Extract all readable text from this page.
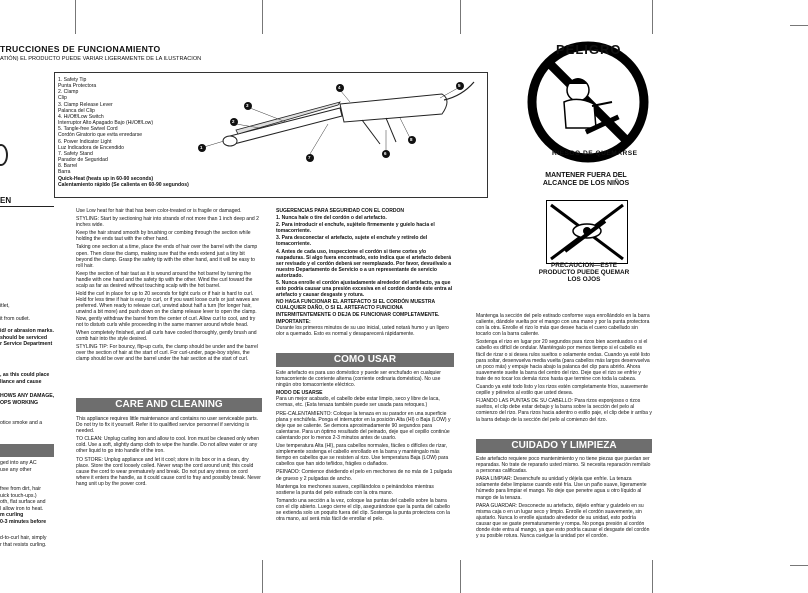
TRUCCIONES DE FUNCIONAMIENTO
ATIÓN) EL PRODUCTO PUEDE VARIAR LIGERAMENTE DE LA ILUSTRACION
EN
itlet,
it from outlet.
id/ or abrasion marks.
should be serviced
r Service Department
, as this could place
liance and cause
HOWS ANY DAMAGE,
OPS WORKING
otice smoke and a
ged into any AC
use any other
free from dirt, hair
uick touch-ups.)
oth, flat surface and
l allow iron to heat.
m curling
0-3 minutes before
d-to-curl hair, simply
r that resists curling.
1. Safety Tip
Punta Protectora
2. Clamp
Clip
3. Clamp Release Lever
Palanca del Clip
4. Hi/Off/Low Switch
Interruptor Alto Apagado Bajo (Hi/Off/Low)
5. Tangle-free Swivel Cord
Cordón Giratorio que evita enredarse
6. Power Indicator Light
Luz Indicadora de Encendido
7. Safety Stand
Parador de Seguridad
8. Barrel
Barra
Quick-Heat (heats up in 60-90 seconds)
Calentamiento rápido (Se calienta en 60-90 segundos)
1
2
3
4	5
6
7
8

Use Low heat for hair that has been color-treated or is fragile or damaged.

STYLING: Start by sectioning hair into strands of not more than 1 inch deep and 2 inches wide.

Keep the hair strand smooth by brushing or combing through the section while holding the ends taut with the other hand.

Taking one section at a time, place the ends of hair over the barrel with the clamp open. Then close the clamp, making sure that the ends extend just a tiny bit beyond the clamp. Grasp the safety tip with the other hand, and it will be easy to roll hair.

Keep the section of hair taut as it is wound around the hot barrel by turning the handle with one hand and the safety tip with the other. Wind the curl toward the scalp as far as desired without touching scalp with the hot barrel.

Hold the curl in place for up to 20 seconds for tight curls or if hair is hard to curl. Hold for less time if hair is easy to curl, or if you want loose curls or just waves are preferred. When ready to release curl, unwind about half a turn (for longer hair, unwind a bit more) and push down on the clamp release lever to open the clamp. Now, gently withdraw the barrel from the center of curl. Allow curl to cool, and try not to disturb curls while proceeding in the same manner around whole head.

When completely finished, and all curls have cooled thoroughly, gently brush and comb hair into the style desired.

STYLING TIP: For bouncy, flip-up curls, the clamp should be under and the barrel over the section of hair at the start of curl. For curl-under, page-boy styles, the clamp should be over and the barrel under the hair section at the start of curl.

CARE AND CLEANING

This appliance requires little maintenance and contains no user serviceable parts. Do not try to fix it yourself. Refer it to qualified service personnel if servicing is needed.

TO CLEAN: Unplug curling iron and allow to cool. Iron must be cleaned only when cold. Use a soft, slightly damp cloth to wipe the handle. Do not allow water or any other liquid to go into handle of the iron.

TO STORE: Unplug appliance and let it cool; store in its box or in a clean, dry place. Store the cord loosely coiled. Never wrap the cord around unit; this could cause the cord to wear prematurely and break. Do not put any stress on cord where it enters the handle, as it could cause cord to fray and possibly break. Never hang unit up by the power cord.

SUGERENCIAS PARA SEGURIDAD CON EL CORDON

1. Nunca hale o tire del cordón o del artefacto.

2. Para introducir el enchufe, sujételo firmemente y guíelo hacia el tomacorriente.

3. Para desconectar el artefacto, sujete el enchufe y retírelo del tomacorriente.

4. Antes de cada uso, inspeccione el cordón si tiene cortes y/o raspaduras. Si algo fuera encontrado, esto indica que el artefacto deberá ser revisado y el cordón deberá ser reemplazado. Por favor, devuélvalo a nuestro Departamento de Servicio o a un representante de servicio autorizado.

5. Nunca enrolle el cordón ajustadamente alrededor del artefacto, ya que esto podría causar una presión excesiva en el cordón donde éste entra al artefacto y causar desgaste y rotura.

NO HAGA FUNCIONAR EL ARTEFACTO SI EL CORDÓN MUESTRA CUALQUIER DAÑO, O SI EL ARTEFACTO FUNCIONA INTERMITENTEMENTE O DEJA DE FUNCIONAR COMPLETAMENTE.

IMPORTANTE:

Durante los primeros minutos de su uso inicial, usted notará humo y un ligero olor a quemado. Esto es normal y desaparecerá rápidamente.

COMO USAR

Este artefacto es para uso doméstico y puede ser enchufado en cualquier tomacorriente de corriente alterna (corriente ordinaria doméstica). No use ningún otro tomacorriente eléctrico.

MODO DE USARSE

Para un mejor acabado, el cabello debe estar limpio, seco y libre de laca, cremas, etc. (Esta tenaza también puede ser usada para retoques.)

PRE-CALENTAMIENTO: Coloque la tenaza en su parador en una superficie plana y enchúfela. Ponga el interruptor en la posición Alta (HI) o Baja (LOW) y deje que se caliente. Se demora aproximadamente 90 segundos para calentarse. Para un óptimo resultado del peinado, deje que el cepillo continúe calentando por lo menos 2-3 minutos antes de usarlo.

Use temperatura Alta (HI), para cabellos normales, fáciles o difíciles de rizar, simplemente sostenga el cabello enrollado en la barra y manténgalo más tiempo en cabellos que se resisten al rizo. Use temperatura Baja (LOW) para cabellos que han sido teñidos, frágiles o dañados.

PEINADO: Comience dividiendo el pelo en mechones de no más de 1 pulgada de grueso y 2 pulgadas de ancho.

Mantenga los mechones suaves, cepillándolos o peinándolos mientras sostiene la punta del pelo estirado con la otra mano.

Tomando una sección a la vez, coloque las puntas del cabello sobre la barra con el clip abierto. Luego cierre el clip, asegurándose que la punta del cabello se extienda solo un poquito fuera del clip. Sostenga la punta protectora con la otra mano, así será más fácil de enrollar el pelo.

Mantenga la sección del pelo estirado conforme vaya enrollándolo en la barra caliente, dándole vuelta por el mango con una mano y por la punta protectora con la otra. Enrolle el rizo lo más que desee hacia el cuero cabelludo sin tocarlo con la barra caliente.

Sostenga el rizo en lugar por 20 segundos para rizos bien acentuados o si el cabello es difícil de ondular. Manténgalo por menos tiempo si el cabello es fácil de rizar o si desea rulos sueltos o solamente ondas. Cuando ya esté listo para soltar, desenvuelva media vuelta (para cabellos más largos desenvuelva un poco más) y empuje hacia abajo la palanca del clip para abrirlo. Ahora suavemente suelte la barra del centro del rizo. Deje que el rizo se enfríe y trate de no tocar los demás rizos hasta que termine con toda la cabeza.

Cuando ya esté todo listo y los rizos estén completamente fríos, suavemente cepille y péinelos al estilo que usted desea.

FIJANDO LAS PUNTAS DE SU CABELLO: Para rizos esponjosos o rizos sueltos, el clip debe estar debajo y la barra sobre la sección del pelo al comienzo del rizo. Para rizos hacia adentro o estilo paje, el clip debe ir arriba y la barra debajo de la sección del pelo al comienzo del rizo.

CUIDADO Y LIMPIEZA

Este artefacto requiere poco mantenimiento y no tiene piezas que puedan ser reparadas. No trate de repararlo usted mismo. Si necesita reparación remítalo a personas calificadas.

PARA LIMPIAR: Desenchufe su unidad y déjela que enfríe. La tenaza solamente debe limpiarse cuando esté fría. Use un paño suave, ligeramente húmedo para limpiar el mango. No deje que penetre agua u otro líquido al mango de la tenaza.

PARA GUARDAR: Desconecte su artefacto, déjelo enfriar y guárdelo en su misma caja o en un lugar seco y limpio. Enrolle el cordón suavemente, sin ajustarlo. Nunca lo enrolle ajustado alrededor de su unidad, esto podría causar que se gaste prematuramente y rompa. No ponga presión al cordón donde éste entra al mango, ya que esto podría causar el desgaste del cordón y su posible rotura. Nunca cuelgue la unidad por el cordón.

PELIGRO
RIESGO DE QUEMARSE
MANTENER FUERA DEL ALCANCE DE LOS NIÑOS
PRECAUCION—ESTE PRODUCTO PUEDE QUEMAR LOS OJOS
